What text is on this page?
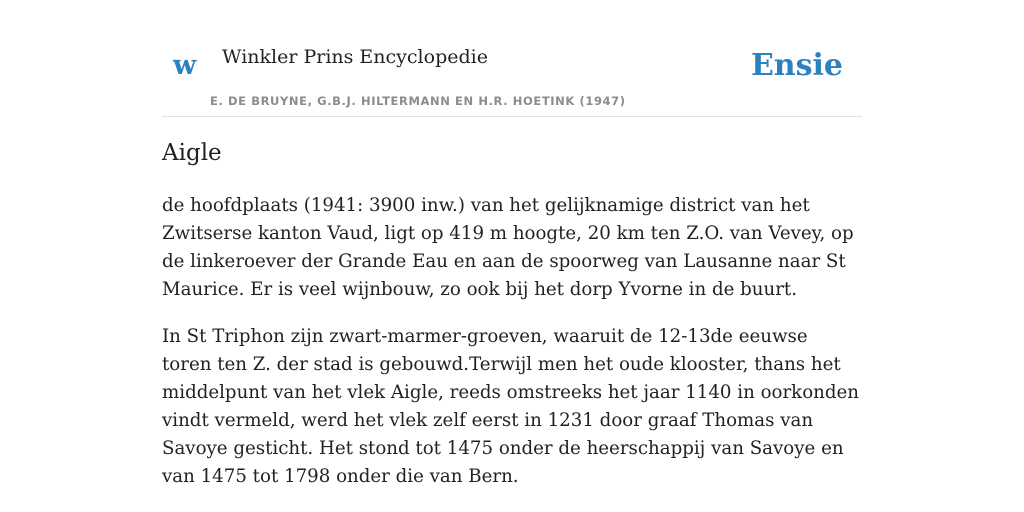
w Winkler Prins Encyclopedie
E. DE BRUYNE, G.B.J. HILTERMANN EN H.R. HOETINK (1947)
Ensie
Aigle

de hoofdplaats (1941: 3900 inw.) van het gelijknamige district van het Zwitserse kanton Vaud, ligt op 419 m hoogte, 20 km ten Z.O. van Vevey, op de linkeroever der Grande Eau en aan de spoorweg van Lausanne naar St Maurice. Er is veel wijnbouw, zo ook bij het dorp Yvorne in de buurt.

In St Triphon zijn zwart-marmer-groeven, waaruit de 12-13de eeuwse toren ten Z. der stad is gebouwd.Terwijl men het oude klooster, thans het middelpunt van het vlek Aigle, reeds omstreeks het jaar 1140 in oorkonden vindt vermeld, werd het vlek zelf eerst in 1231 door graaf Thomas van Savoye gesticht. Het stond tot 1475 onder de heerschappij van Savoye en van 1475 tot 1798 onder die van Bern.
